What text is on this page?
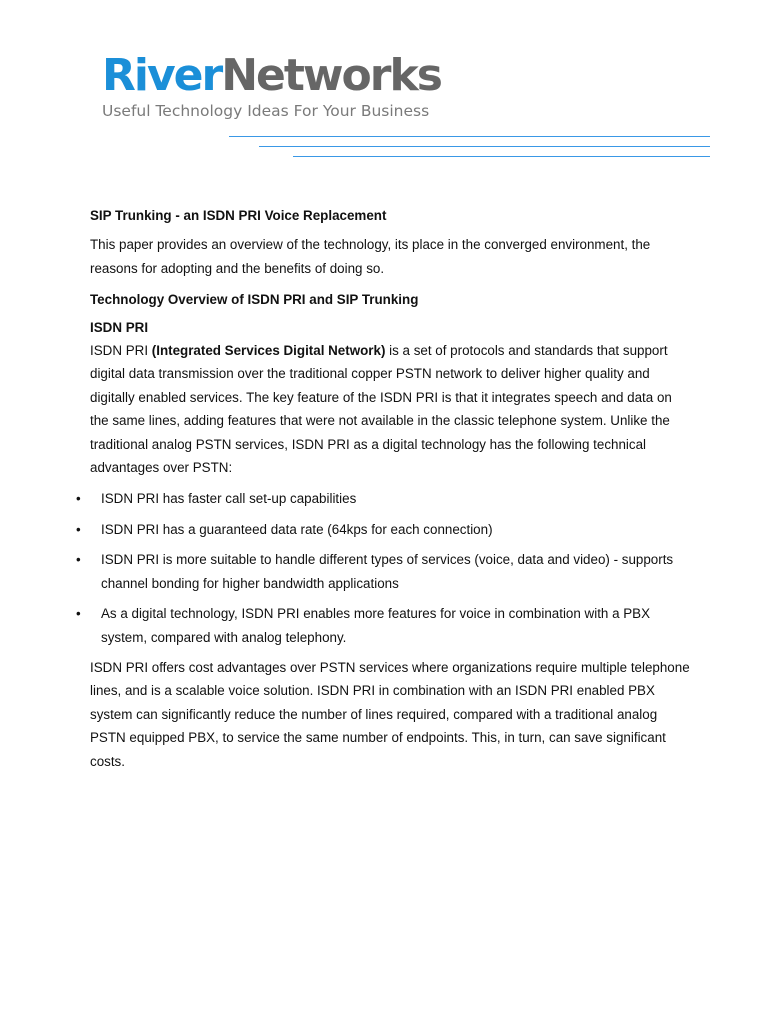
RiverNetworks
Useful Technology Ideas For Your Business

SIP Trunking - an ISDN PRI Voice Replacement

This paper provides an overview of the technology, its place in the converged environment, the reasons for adopting and the benefits of doing so.

Technology Overview of ISDN PRI and SIP Trunking

ISDN PRI

ISDN PRI (Integrated Services Digital Network) is a set of protocols and standards that support digital data transmission over the traditional copper PSTN network to deliver higher quality and digitally enabled services. The key feature of the ISDN PRI is that it integrates speech and data on the same lines, adding features that were not available in the classic telephone system. Unlike the traditional analog PSTN services, ISDN PRI as a digital technology has the following technical advantages over PSTN:

• ISDN PRI has faster call set-up capabilities
• ISDN PRI has a guaranteed data rate (64kps for each connection)
• ISDN PRI is more suitable to handle different types of services (voice, data and video) - supports channel bonding for higher bandwidth applications
• As a digital technology, ISDN PRI enables more features for voice in combination with a PBX system, compared with analog telephony.

ISDN PRI offers cost advantages over PSTN services where organizations require multiple telephone lines, and is a scalable voice solution. ISDN PRI in combination with an ISDN PRI enabled PBX system can significantly reduce the number of lines required, compared with a traditional analog PSTN equipped PBX, to service the same number of endpoints. This, in turn, can save significant costs.
